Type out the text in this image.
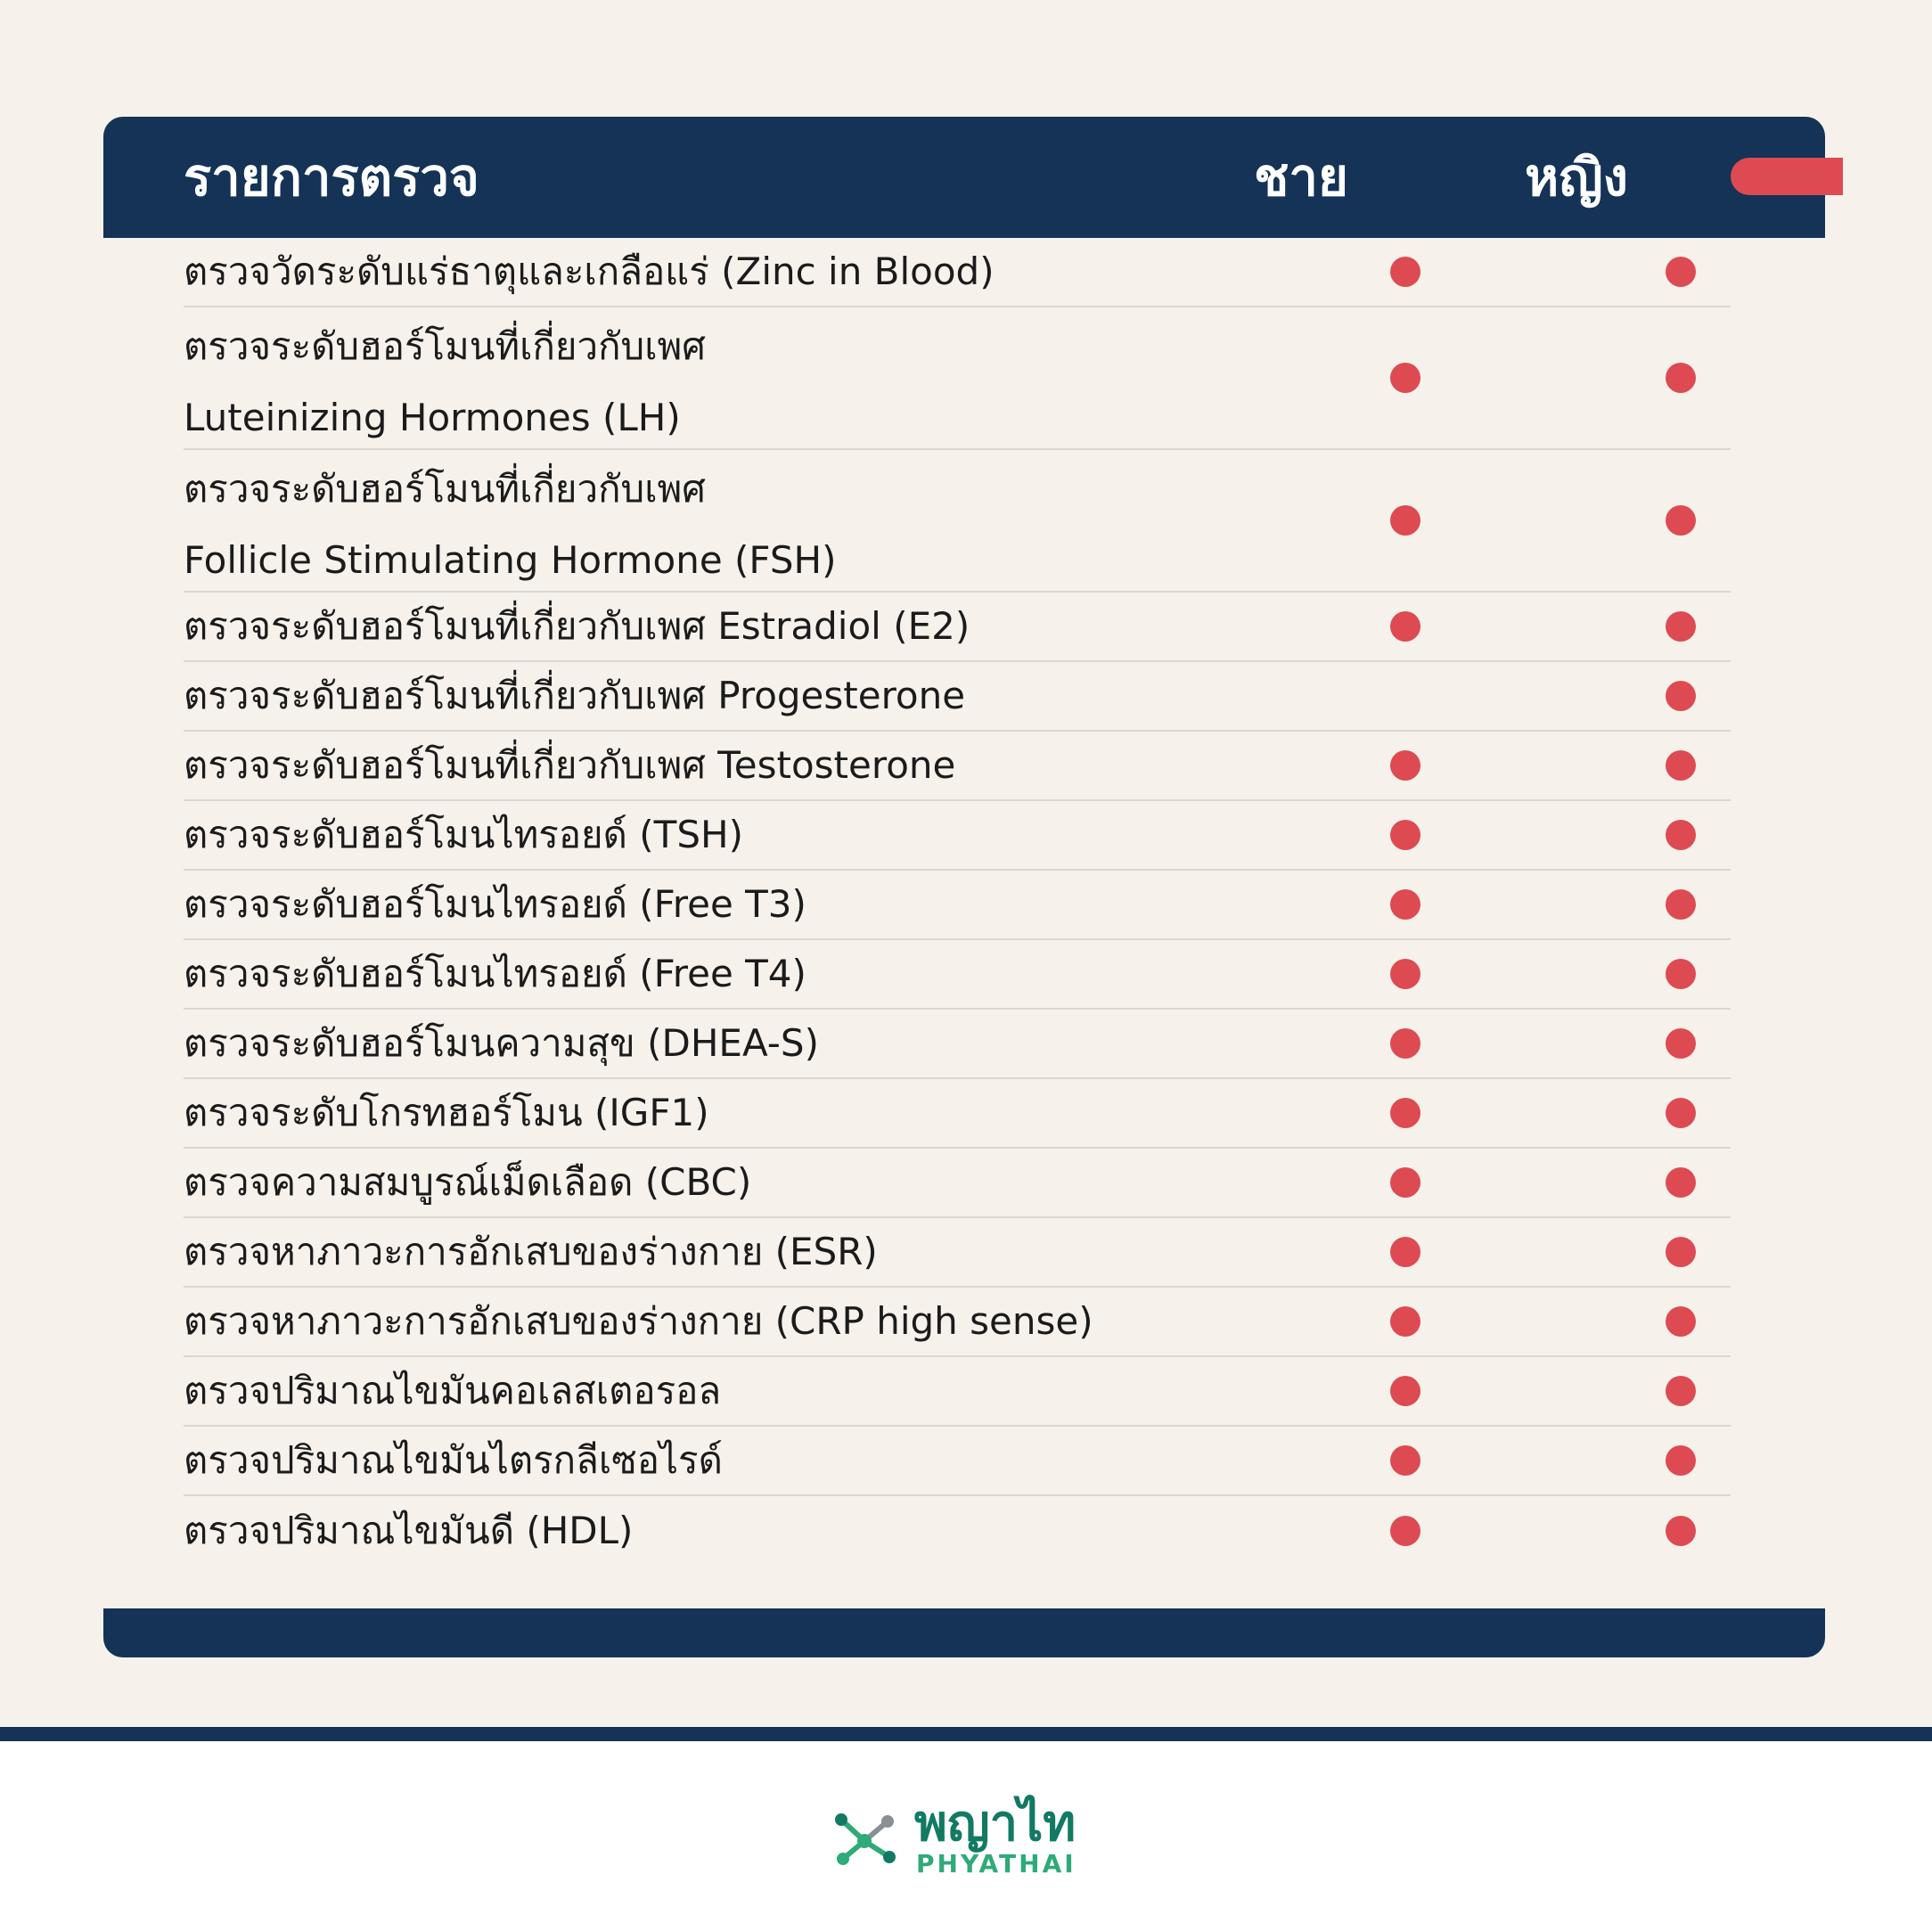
รายการตรวจ	ชาย	หญิง
ตรวจวัดระดับแร่ธาตุและเกลือแร่ (Zinc in Blood)
ตรวจระดับฮอร์โมนที่เกี่ยวกับเพศ
Luteinizing Hormones (LH)
ตรวจระดับฮอร์โมนที่เกี่ยวกับเพศ
Follicle Stimulating Hormone (FSH)
ตรวจระดับฮอร์โมนที่เกี่ยวกับเพศ Estradiol (E2)
ตรวจระดับฮอร์โมนที่เกี่ยวกับเพศ Progesterone
ตรวจระดับฮอร์โมนที่เกี่ยวกับเพศ Testosterone
ตรวจระดับฮอร์โมนไทรอยด์ (TSH)
ตรวจระดับฮอร์โมนไทรอยด์ (Free T3)
ตรวจระดับฮอร์โมนไทรอยด์ (Free T4)
ตรวจระดับฮอร์โมนความสุข (DHEA-S)
ตรวจระดับโกรทฮอร์โมน (IGF1)
ตรวจความสมบูรณ์เม็ดเลือด (CBC)
ตรวจหาภาวะการอักเสบของร่างกาย (ESR)
ตรวจหาภาวะการอักเสบของร่างกาย (CRP high sense)
ตรวจปริมาณไขมันคอเลสเตอรอล
ตรวจปริมาณไขมันไตรกลีเซอไรด์
ตรวจปริมาณไขมันดี (HDL)
พญาไท
PHYATHAI
